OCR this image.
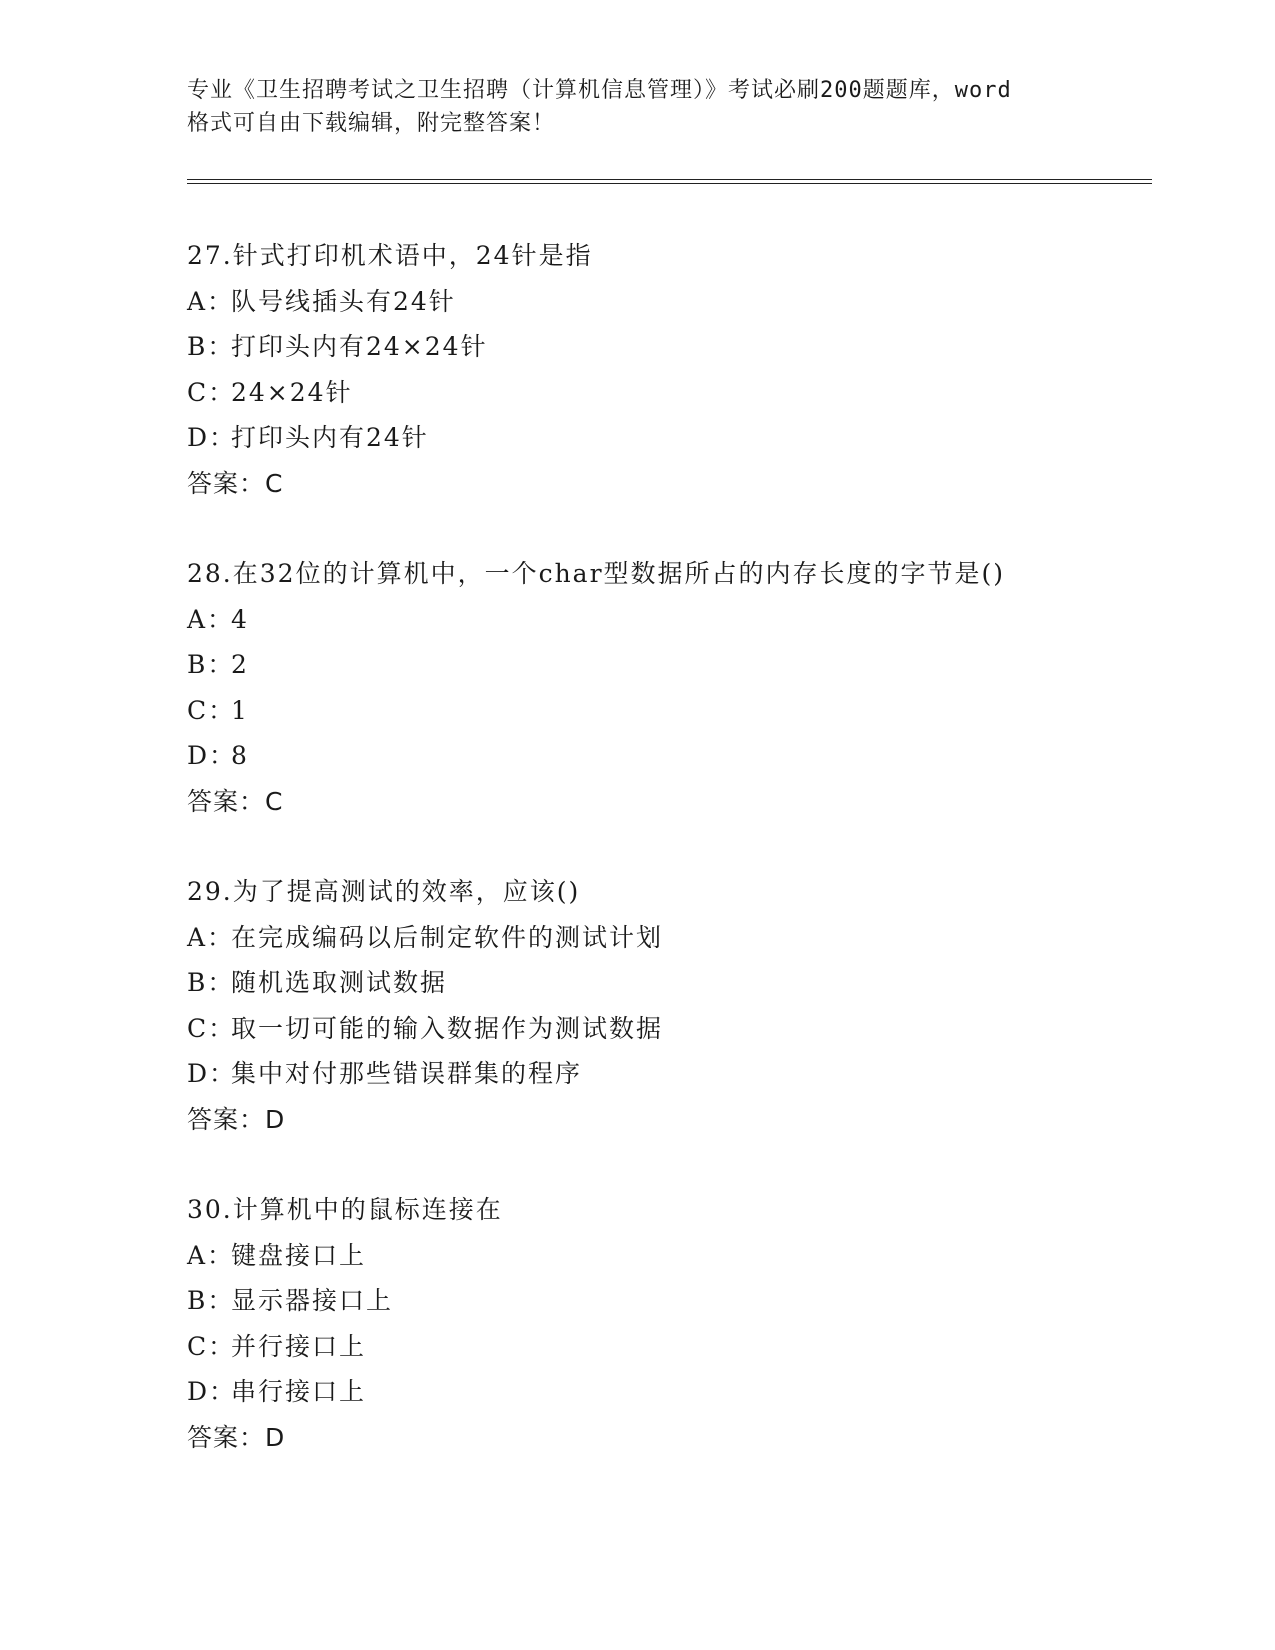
专业《卫生招聘考试之卫生招聘（计算机信息管理）》考试必刷200题题库，word
格式可自由下载编辑，附完整答案！
27.针式打印机术语中，24针是指
A：队号线插头有24针
B：打印头内有24×24针
C：24×24针
D：打印头内有24针
答案：C
28.在32位的计算机中，一个char型数据所占的内存长度的字节是()
A：4
B：2
C：1
D：8
答案：C
29.为了提高测试的效率，应该()
A：在完成编码以后制定软件的测试计划
B：随机选取测试数据
C：取一切可能的输入数据作为测试数据
D：集中对付那些错误群集的程序
答案：D
30.计算机中的鼠标连接在
A：键盘接口上
B：显示器接口上
C：并行接口上
D：串行接口上
答案：D
